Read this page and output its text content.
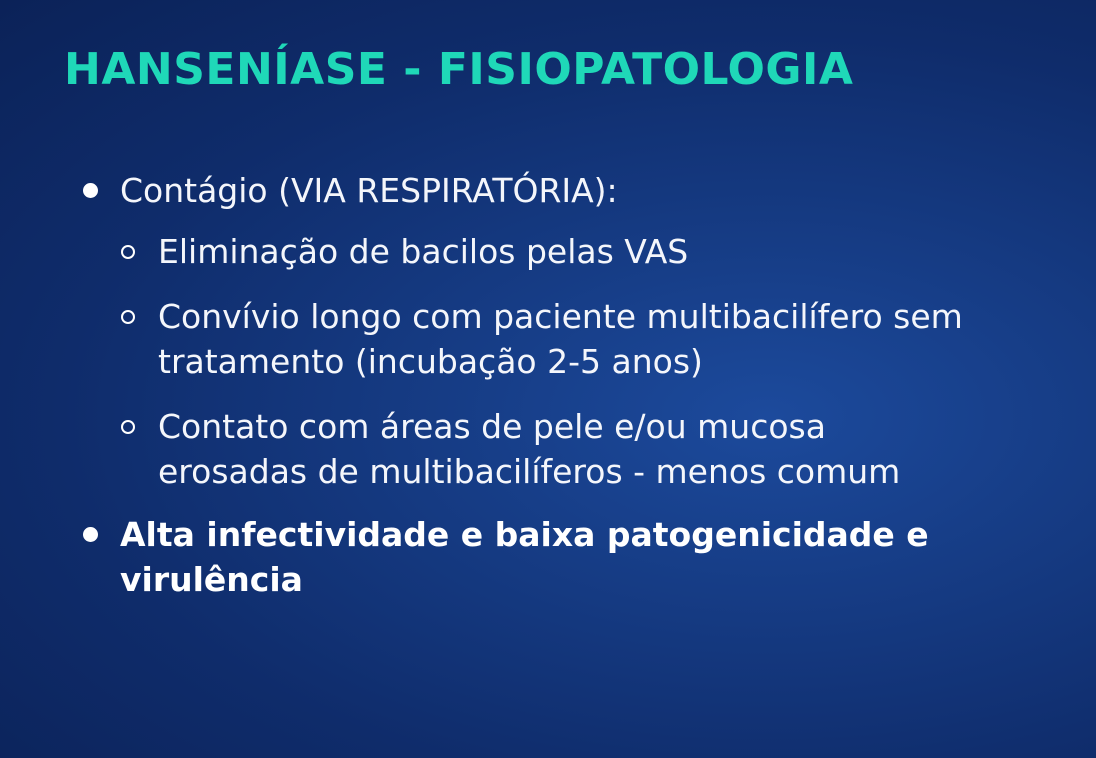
HANSENÍASE - FISIOPATOLOGIA
Contágio (VIA RESPIRATÓRIA):
Eliminação de bacilos pelas VAS
Convívio longo com paciente multibacilífero sem tratamento (incubação 2-5 anos)
Contato com áreas de pele e/ou mucosa erosadas de multibacilíferos - menos comum
Alta infectividade e baixa patogenicidade e virulência
